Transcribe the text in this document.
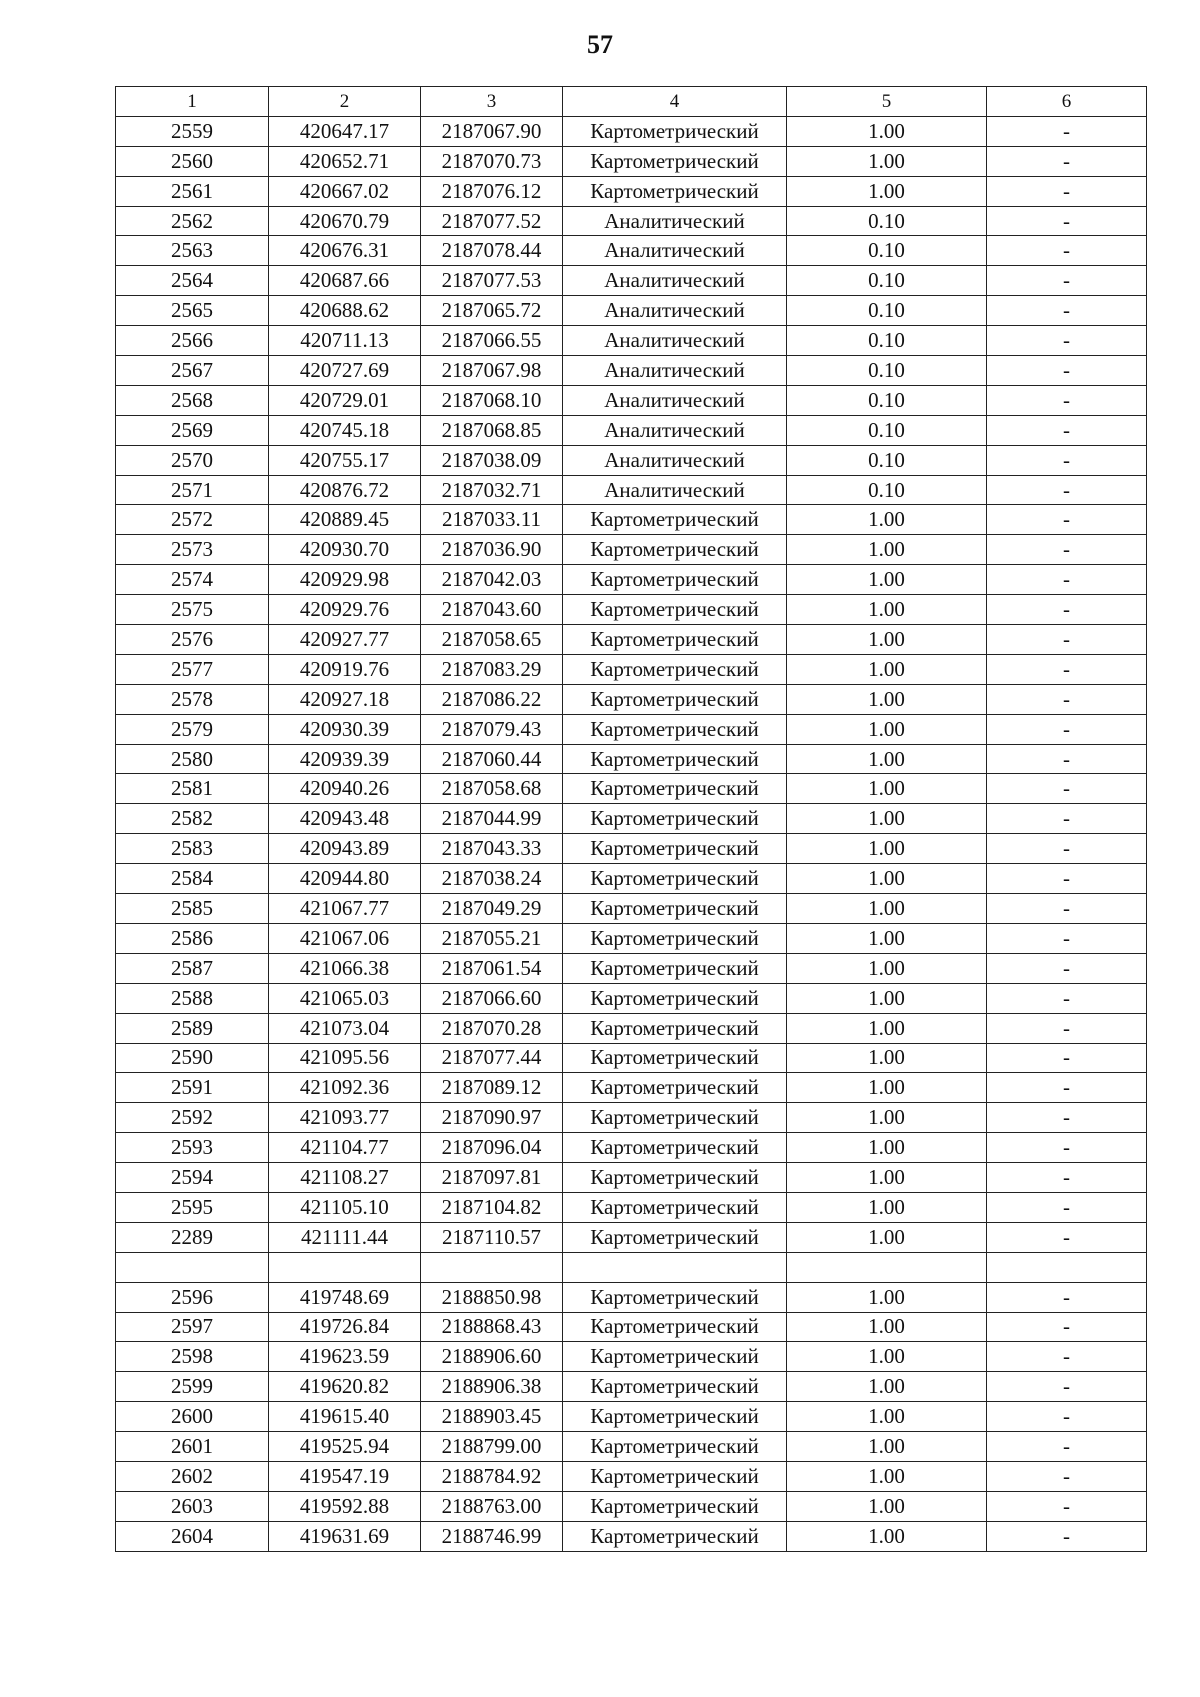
57
1	2	3	4	5	6
2559	420647.17	2187067.90	Картометрический	1.00	-
2560	420652.71	2187070.73	Картометрический	1.00	-
2561	420667.02	2187076.12	Картометрический	1.00	-
2562	420670.79	2187077.52	Аналитический	0.10	-
2563	420676.31	2187078.44	Аналитический	0.10	-
2564	420687.66	2187077.53	Аналитический	0.10	-
2565	420688.62	2187065.72	Аналитический	0.10	-
2566	420711.13	2187066.55	Аналитический	0.10	-
2567	420727.69	2187067.98	Аналитический	0.10	-
2568	420729.01	2187068.10	Аналитический	0.10	-
2569	420745.18	2187068.85	Аналитический	0.10	-
2570	420755.17	2187038.09	Аналитический	0.10	-
2571	420876.72	2187032.71	Аналитический	0.10	-
2572	420889.45	2187033.11	Картометрический	1.00	-
2573	420930.70	2187036.90	Картометрический	1.00	-
2574	420929.98	2187042.03	Картометрический	1.00	-
2575	420929.76	2187043.60	Картометрический	1.00	-
2576	420927.77	2187058.65	Картометрический	1.00	-
2577	420919.76	2187083.29	Картометрический	1.00	-
2578	420927.18	2187086.22	Картометрический	1.00	-
2579	420930.39	2187079.43	Картометрический	1.00	-
2580	420939.39	2187060.44	Картометрический	1.00	-
2581	420940.26	2187058.68	Картометрический	1.00	-
2582	420943.48	2187044.99	Картометрический	1.00	-
2583	420943.89	2187043.33	Картометрический	1.00	-
2584	420944.80	2187038.24	Картометрический	1.00	-
2585	421067.77	2187049.29	Картометрический	1.00	-
2586	421067.06	2187055.21	Картометрический	1.00	-
2587	421066.38	2187061.54	Картометрический	1.00	-
2588	421065.03	2187066.60	Картометрический	1.00	-
2589	421073.04	2187070.28	Картометрический	1.00	-
2590	421095.56	2187077.44	Картометрический	1.00	-
2591	421092.36	2187089.12	Картометрический	1.00	-
2592	421093.77	2187090.97	Картометрический	1.00	-
2593	421104.77	2187096.04	Картометрический	1.00	-
2594	421108.27	2187097.81	Картометрический	1.00	-
2595	421105.10	2187104.82	Картометрический	1.00	-
2289	421111.44	2187110.57	Картометрический	1.00	-

2596	419748.69	2188850.98	Картометрический	1.00	-
2597	419726.84	2188868.43	Картометрический	1.00	-
2598	419623.59	2188906.60	Картометрический	1.00	-
2599	419620.82	2188906.38	Картометрический	1.00	-
2600	419615.40	2188903.45	Картометрический	1.00	-
2601	419525.94	2188799.00	Картометрический	1.00	-
2602	419547.19	2188784.92	Картометрический	1.00	-
2603	419592.88	2188763.00	Картометрический	1.00	-
2604	419631.69	2188746.99	Картометрический	1.00	-
